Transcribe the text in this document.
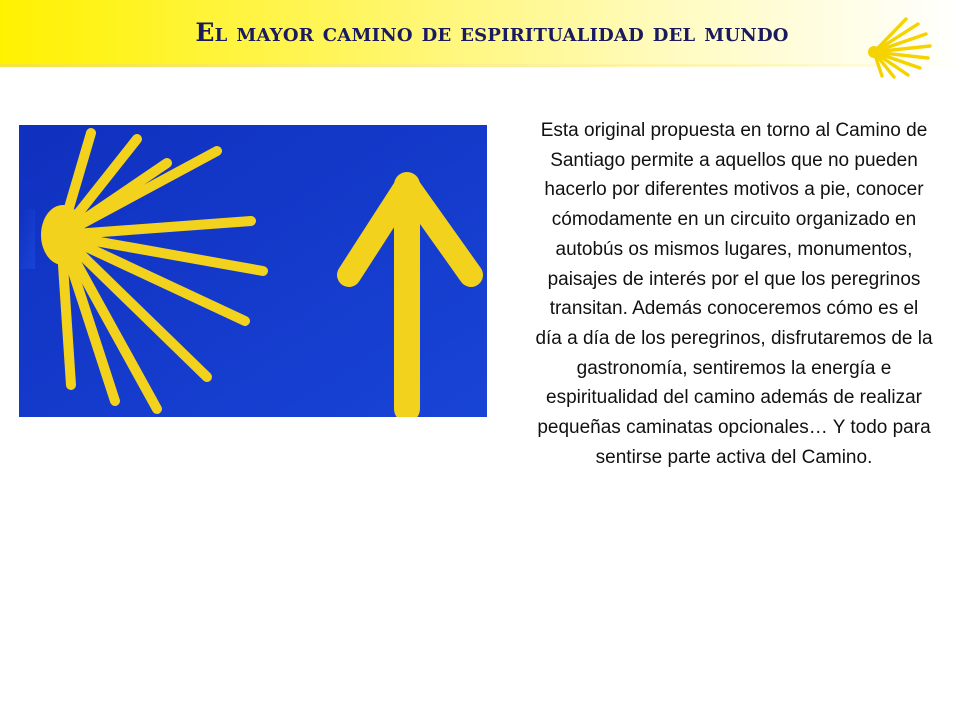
El mayor camino de espiritualidad del mundo

Esta original propuesta en torno al Camino de Santiago permite a aquellos que no pueden hacerlo por diferentes motivos a pie, conocer cómodamente en un circuito organizado en autobús os mismos lugares, monumentos, paisajes de interés por el que los peregrinos transitan. Además conoceremos cómo es el día a día de los peregrinos, disfrutaremos de la gastronomía, sentiremos la energía e espiritualidad del camino además de realizar pequeñas caminatas opcionales… Y todo para sentirse parte activa del Camino.
